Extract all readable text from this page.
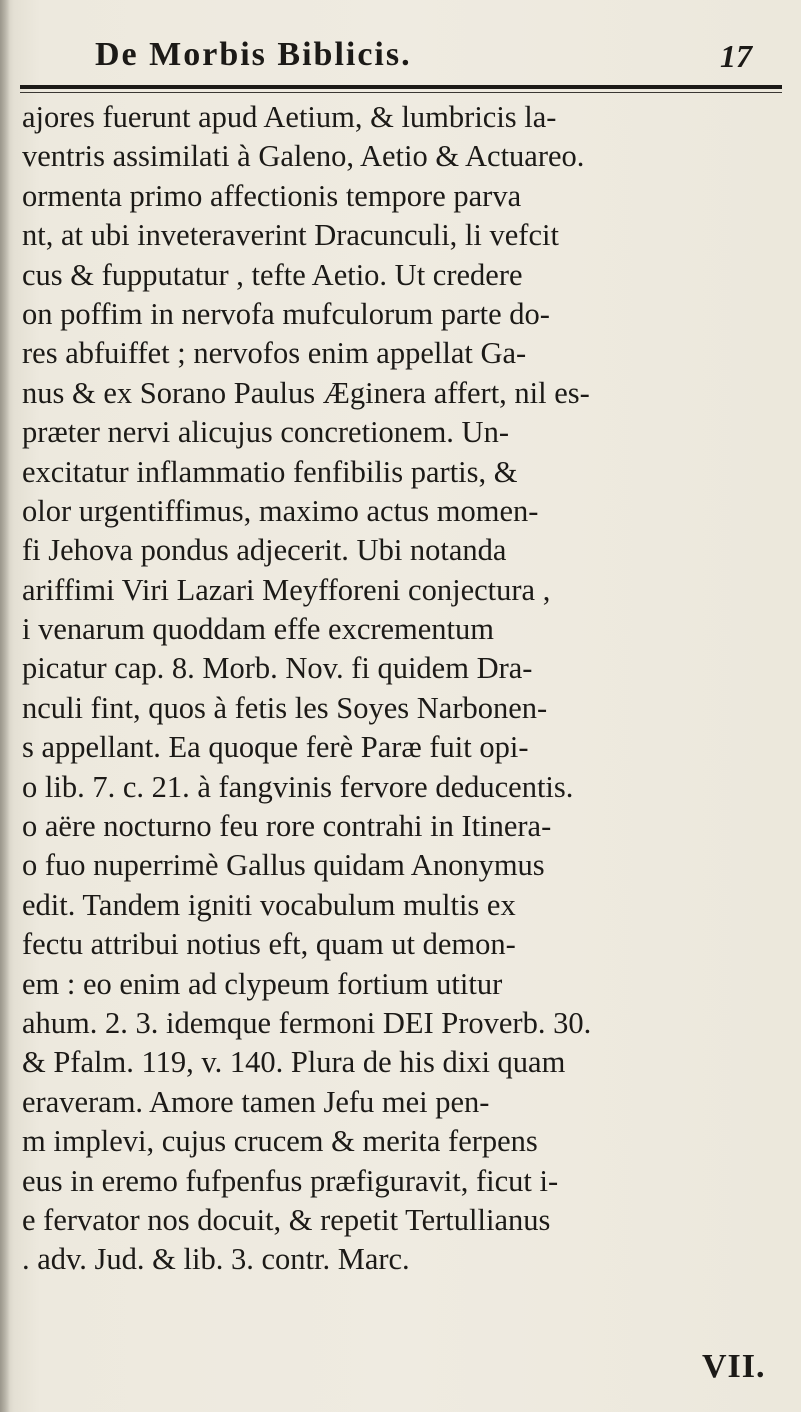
De Morbis Biblicis.	17
ajores fuerunt apud Aetium, & lumbricis la-
ventris assimilati à Galeno, Aetio & Actuareo.
ormenta primo affectionis tempore parva
nt, at ubi inveteraverint Dracunculi, li vefcit
cus & fupputatur , tefte Aetio. Ut credere
on poffim in nervofa mufculorum parte do-
res abfuiffet ; nervofos enim appellat Ga-
nus & ex Sorano Paulus Æginera affert, nil es-
præter nervi alicujus concretionem. Un-
excitatur inflammatio fenfibilis partis, &
olor urgentiffimus, maximo actus momen-
fi Jehova pondus adjecerit. Ubi notanda
ariffimi Viri Lazari Meyfforeni conjectura ,
i venarum quoddam effe excrementum
picatur cap. 8. Morb. Nov. fi quidem Dra-
nculi fint, quos à fetis les Soyes Narbonen-
s appellant. Ea quoque ferè Paræ fuit opi-
o lib. 7. c. 21. à fangvinis fervore deducentis.
o aëre nocturno feu rore contrahi in Itinera-
o fuo nuperrimè Gallus quidam Anonymus
edit. Tandem igniti vocabulum multis ex
fectu attribui notius eft, quam ut demon-
em : eo enim ad clypeum fortium utitur
ahum. 2. 3. idemque fermoni DEI Proverb. 30.
& Pfalm. 119, v. 140. Plura de his dixi quam
eraveram. Amore tamen Jefu mei pen-
m implevi, cujus crucem & merita ferpens
eus in eremo fufpenfus præfiguravit, ficut i-
e fervator nos docuit, & repetit Tertullianus
. adv. Jud. & lib. 3. contr. Marc.
VII.
